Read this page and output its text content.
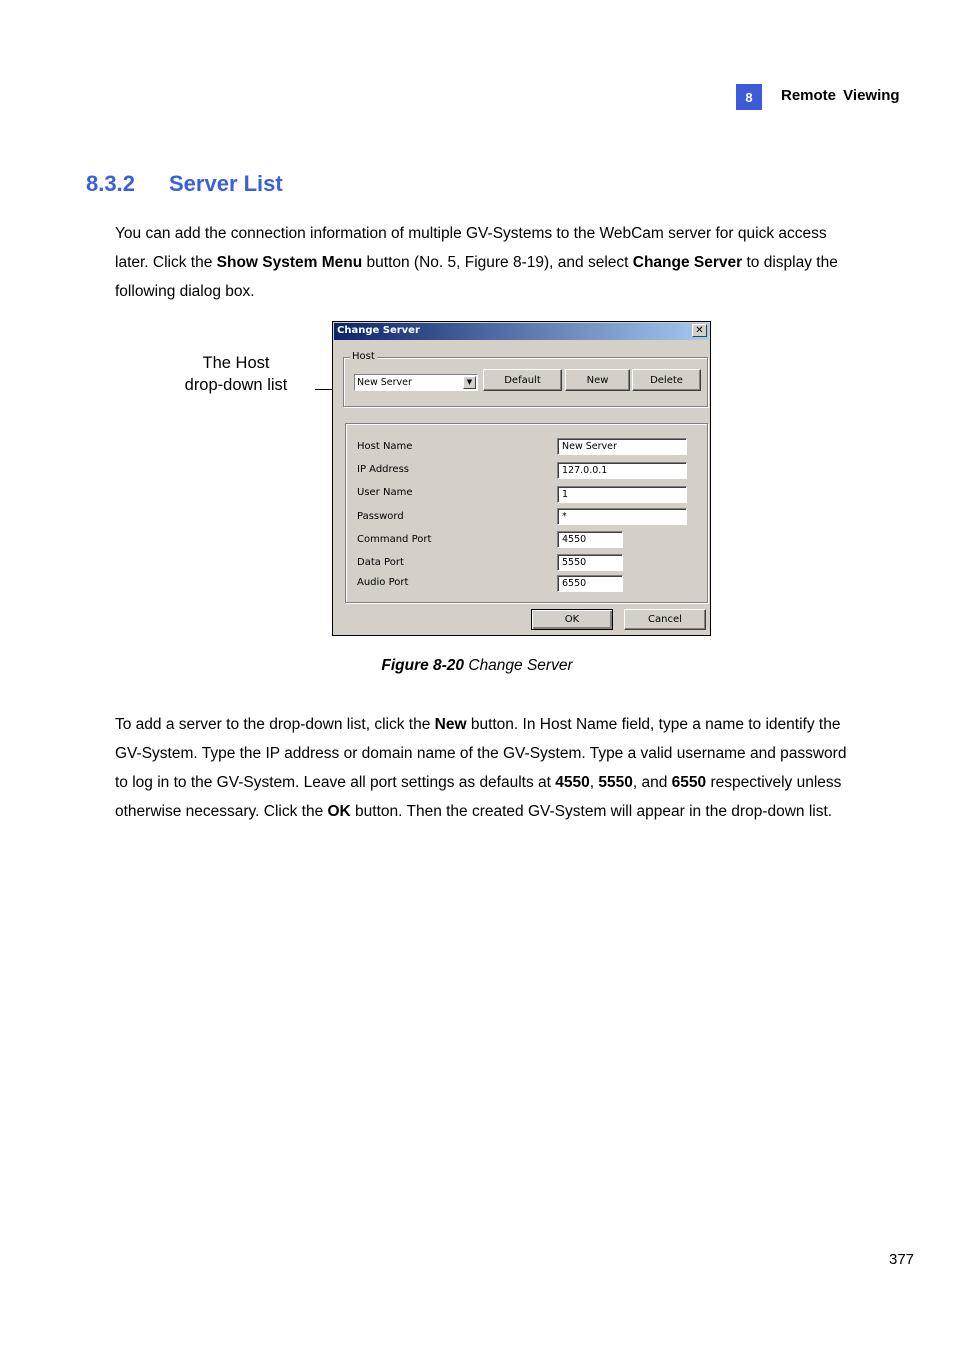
8	Remote Viewing
8.3.2 Server List
You can add the connection information of multiple GV-Systems to the WebCam server for quick access later. Click the Show System Menu button (No. 5, Figure 8-19), and select Change Server to display the following dialog box.
The Host
drop-down list
Change Server	✕
Host
New Server	▼	Default	New	Delete
Host Name	New Server
IP Address	127.0.0.1
User Name	1
Password	*
Command Port	4550
Data Port	5550
Audio Port	6550
OK	Cancel
Figure 8-20 Change Server
To add a server to the drop-down list, click the New button. In Host Name field, type a name to identify the GV-System. Type the IP address or domain name of the GV-System. Type a valid username and password to log in to the GV-System. Leave all port settings as defaults at 4550, 5550, and 6550 respectively unless otherwise necessary. Click the OK button. Then the created GV-System will appear in the drop-down list.
377
